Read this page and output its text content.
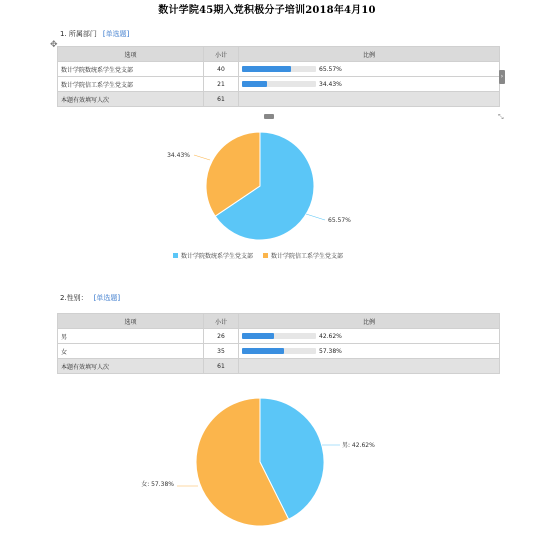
数计学院45期入党积极分子培训2018年4月10
✥
1. 所属部门 [单选题]
选项	小计	比例
数计学院数统系学生党支部	40	65.57%

数计学院信工系学生党支部	21	34.43%

本题有效填写人次	61	
›
⤡
2.性别： [单选题]
选项	小计	比例
男	26	42.62%

女	35	57.38%

本题有效填写人次	61	
65.57%
34.43%
数计学院数统系学生党支部	数计学院信工系学生党支部
男: 42.62%
女: 57.38%
